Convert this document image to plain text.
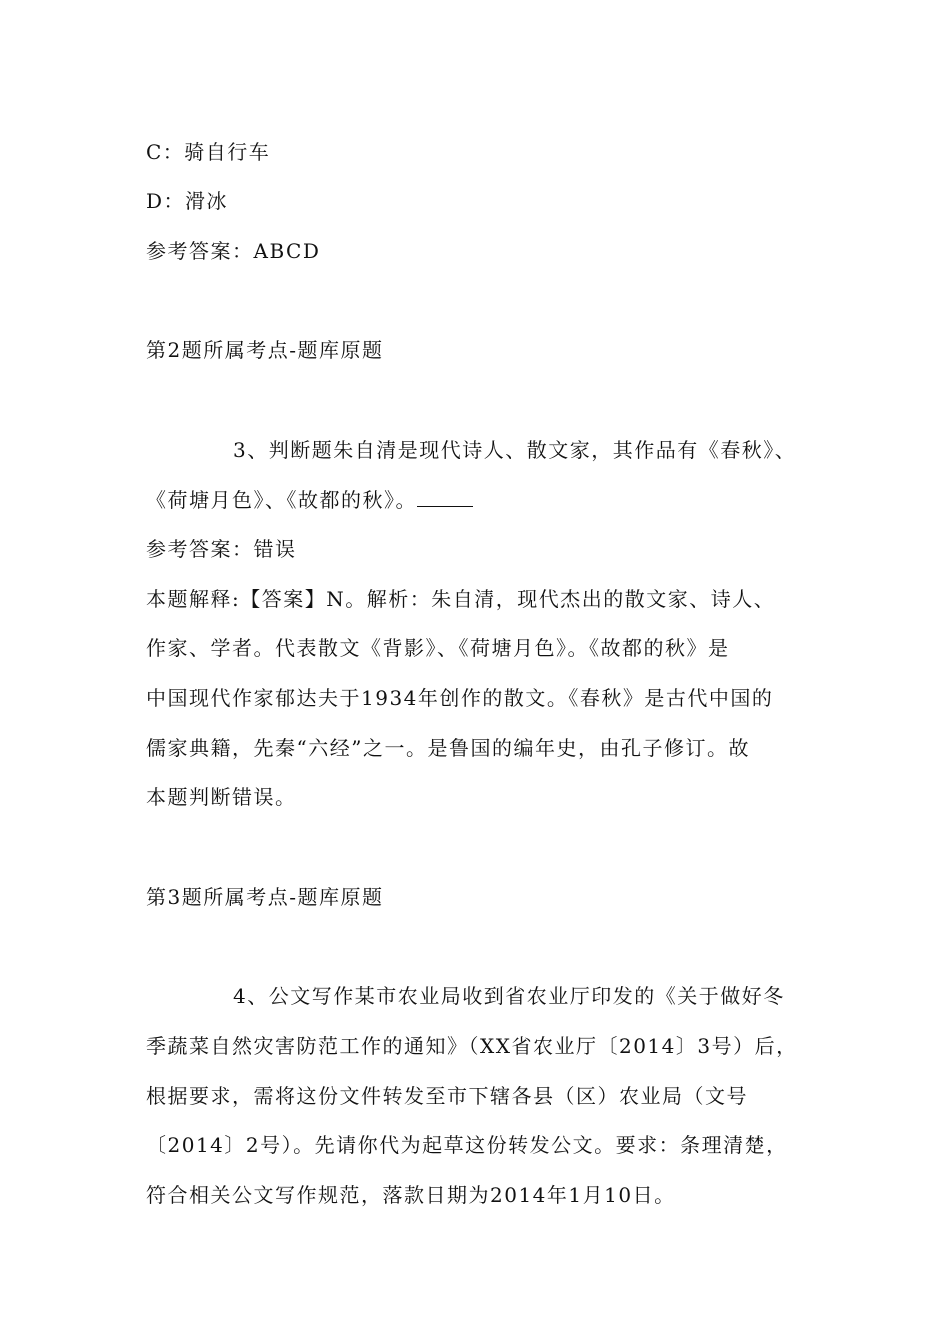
C：骑自行车
D：滑冰
参考答案：ABCD
第2题所属考点-题库原题
3、判断题朱自清是现代诗人、散文家，其作品有《春秋》、
《荷塘月色》、《故都的秋》。
参考答案：错误
本题解释:【答案】N。解析：朱自清，现代杰出的散文家、诗人、
作家、学者。代表散文《背影》、《荷塘月色》。《故都的秋》是
中国现代作家郁达夫于1934年创作的散文。《春秋》是古代中国的
儒家典籍，先秦“六经”之一。是鲁国的编年史，由孔子修订。故
本题判断错误。
第3题所属考点-题库原题
4、公文写作某市农业局收到省农业厅印发的《关于做好冬
季蔬菜自然灾害防范工作的通知》（XX省农业厅〔2014〕3号）后，
根据要求，需将这份文件转发至市下辖各县（区）农业局（文号
〔2014〕2号）。先请你代为起草这份转发公文。要求：条理清楚，
符合相关公文写作规范，落款日期为2014年1月10日。
